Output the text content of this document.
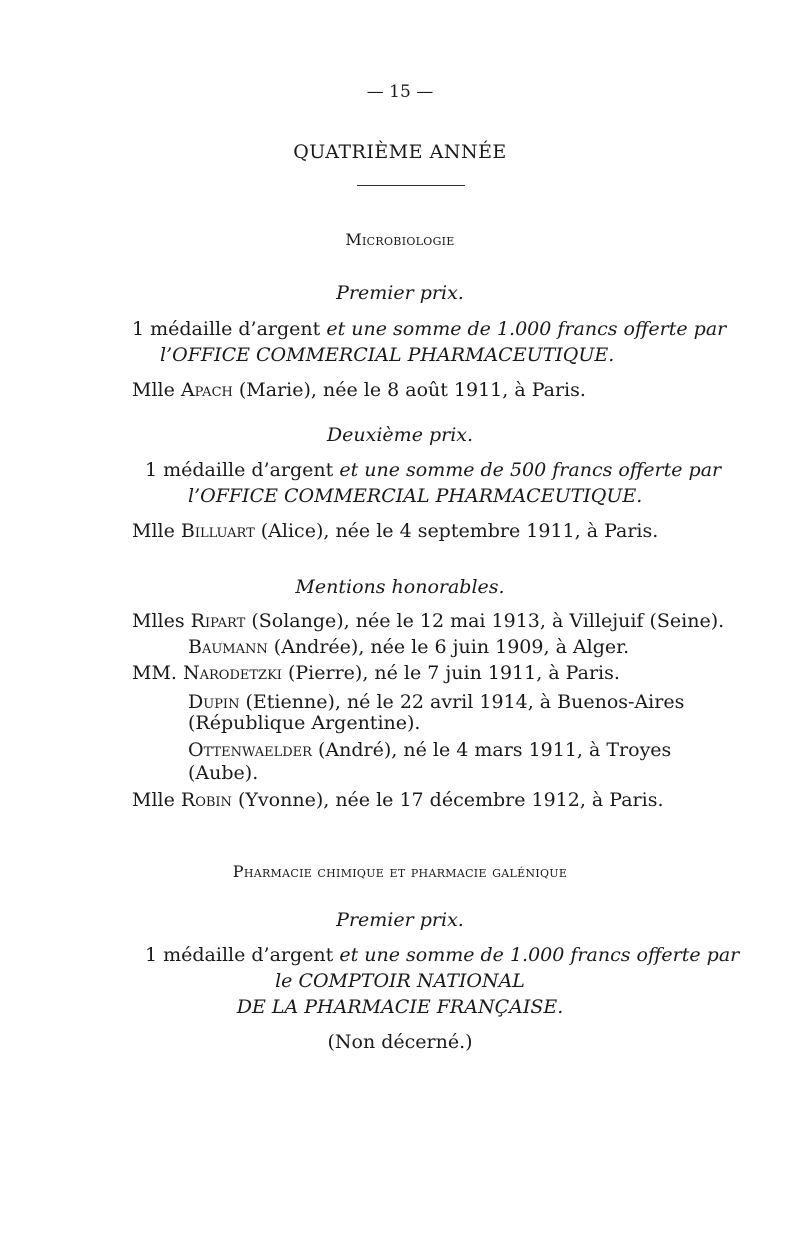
— 15 —
QUATRIÈME ANNÉE
Microbiologie
Premier prix.
1 médaille d’argent et une somme de 1.000 francs offerte par
l’OFFICE COMMERCIAL PHARMACEUTIQUE.
Mlle Apach (Marie), née le 8 août 1911, à Paris.
Deuxième prix.
1 médaille d’argent et une somme de 500 francs offerte par
l’OFFICE COMMERCIAL PHARMACEUTIQUE.
Mlle Billuart (Alice), née le 4 septembre 1911, à Paris.
Mentions honorables.
Mlles Ripart (Solange), née le 12 mai 1913, à Villejuif (Seine).
Baumann (Andrée), née le 6 juin 1909, à Alger.
MM. Narodetzki (Pierre), né le 7 juin 1911, à Paris.
Dupin (Etienne), né le 22 avril 1914, à Buenos-Aires
(République Argentine).
Ottenwaelder (André), né le 4 mars 1911, à Troyes
(Aube).
Mlle Robin (Yvonne), née le 17 décembre 1912, à Paris.
Pharmacie chimique et pharmacie galénique
Premier prix.
1 médaille d’argent et une somme de 1.000 francs offerte par
le COMPTOIR NATIONAL
DE LA PHARMACIE FRANÇAISE.
(Non décerné.)
